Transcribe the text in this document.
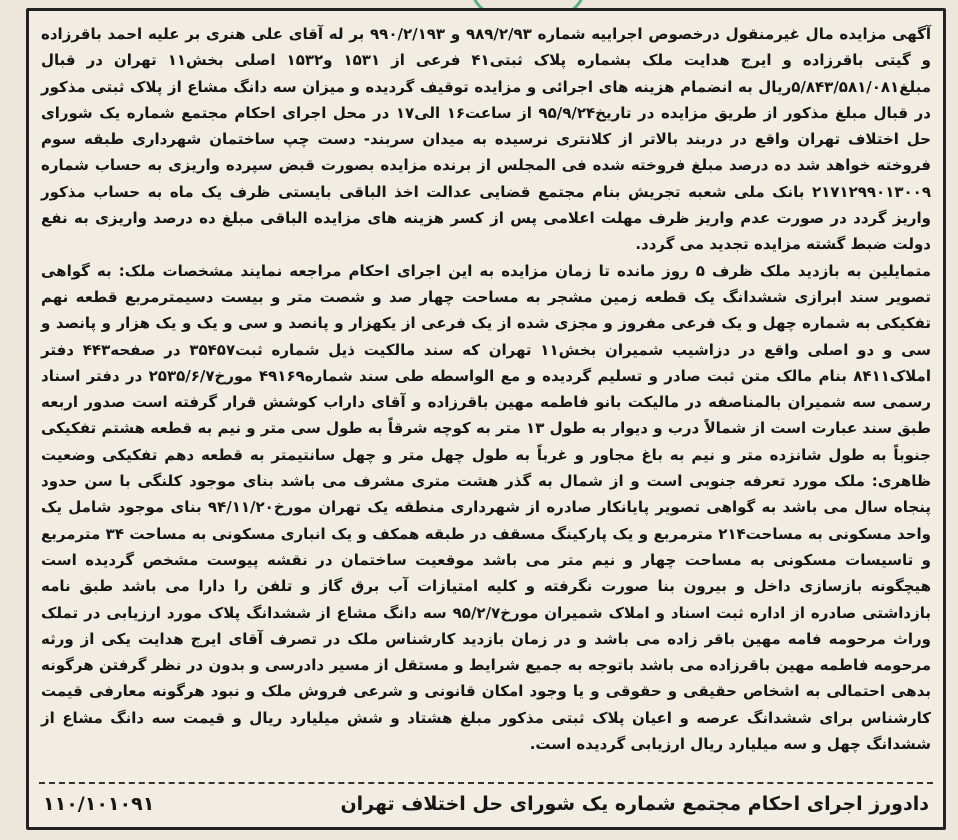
آگهی مزایده مال غیرمنقول درخصوص اجراییه شماره ۹۸۹/۲/۹۳ و ۹۹۰/۲/۱۹۳ بر له آقای علی هنری بر علیه احمد باقرزاده و گیتی باقرزاده و ایرج هدایت ملک بشماره پلاک ثبتی۴۱ فرعی از ۱۵۳۱ و۱۵۳۲ اصلی بخش۱۱ تهران در قبال مبلغ۵/۸۴۳/۵۸۱/۰۸۱ریال به انضمام هزینه های اجرائی و مزایده توقیف گردیده و میزان سه دانگ مشاع از پلاک ثبتی مذکور در قبال مبلغ مذکور از طریق مزایده در تاریخ۹۵/۹/۲۴ از ساعت۱۶ الی۱۷ در محل اجرای احکام مجتمع شماره یک شورای حل اختلاف تهران واقع در دربند بالاتر از کلانتری نرسیده به میدان سربند- دست چپ ساختمان شهرداری طبقه سوم فروخته خواهد شد ده درصد مبلغ فروخته شده فی المجلس از برنده مزایده بصورت قبض سپرده واریزی به حساب شماره ۲۱۷۱۲۹۹۰۱۳۰۰۹ بانک ملی شعبه تجریش بنام مجتمع قضایی عدالت اخذ الباقی بایستی ظرف یک ماه به حساب مذکور واریز گردد در صورت عدم واریز ظرف مهلت اعلامی پس از کسر هزینه های مزایده الباقی مبلغ ده درصد واریزی به نفع دولت ضبط گشته مزایده تجدید می گردد.

متمایلین به بازدید ملک ظرف ۵ روز مانده تا زمان مزایده به این اجرای احکام مراجعه نمایند مشخصات ملک: به گواهی تصویر سند ابرازی ششدانگ یک قطعه زمین مشجر به مساحت چهار صد و شصت متر و بیست دسیمترمربع قطعه نهم تفکیکی به شماره چهل و یک فرعی مفروز و مجزی شده از یک فرعی از یکهزار و پانصد و سی و یک و یک هزار و پانصد و سی و دو اصلی واقع در دزاشیب شمیران بخش۱۱ تهران که سند مالکیت ذیل شماره ثبت۳۵۴۵۷ در صفحه۴۴۳ دفتر املاک۸۴۱۱ بنام مالک متن ثبت صادر و تسلیم گردیده و مع الواسطه طی سند شماره۴۹۱۶۹ مورخ۲۵۳۵/۶/۷ در دفتر اسناد رسمی سه شمیران بالمناصفه در مالیکت بانو فاطمه مهین باقرزاده و آقای داراب کوشش قرار گرفته است صدور اربعه طبق سند عبارت است از شمالاً درب و دیوار به طول ۱۳ متر به کوچه شرقاً به طول سی متر و نیم به قطعه هشتم تفکیکی جنوباً به طول شانزده متر و نیم به باغ مجاور و غرباً به طول چهل متر و چهل سانتیمتر به قطعه دهم تفکیکی وضعیت ظاهری: ملک مورد تعرفه جنوبی است و از شمال به گذر هشت متری مشرف می باشد بنای موجود کلنگی با سن حدود پنجاه سال می باشد به گواهی تصویر پایانکار صادره از شهرداری منطقه یک تهران مورخ۹۴/۱۱/۲۰ بنای موجود شامل یک واحد مسکونی به مساحت۲۱۴ مترمربع و یک پارکینگ مسقف در طبقه همکف و یک انباری مسکونی به مساحت ۳۴ مترمربع و تاسیسات مسکونی به مساحت چهار و نیم متر می باشد موقعیت ساختمان در نقشه پیوست مشخص گردیده است هیچگونه بازسازی داخل و بیرون بنا صورت نگرفته و کلیه امتیازات آب برق گاز و تلفن را دارا می باشد طبق نامه بازداشتی صادره از اداره ثبت اسناد و املاک شمیران مورخ۹۵/۲/۷ سه دانگ مشاع از ششدانگ پلاک مورد ارزیابی در تملک وراث مرحومه فامه مهین باقر زاده می باشد و در زمان بازدید کارشناس ملک در تصرف آقای ایرج هدایت یکی از ورثه مرحومه فاطمه مهین باقرزاده می باشد باتوجه به جمیع شرایط و مستقل از مسیر دادرسی و بدون در نظر گرفتن هرگونه بدهی احتمالی به اشخاص حقیقی و حقوقی و یا وجود امکان قانونی و شرعی فروش ملک و نبود هرگونه معارفی قیمت کارشناس برای ششدانگ عرصه و اعیان پلاک ثبتی مذکور مبلغ هشتاد و شش میلیارد ریال و قیمت سه دانگ مشاع از ششدانگ چهل و سه میلیارد ریال ارزیابی گردیده است.

دادورز اجرای احکام مجتمع شماره یک شورای حل اختلاف تهران
۱۱۰/۱۰۱۰۹۱
